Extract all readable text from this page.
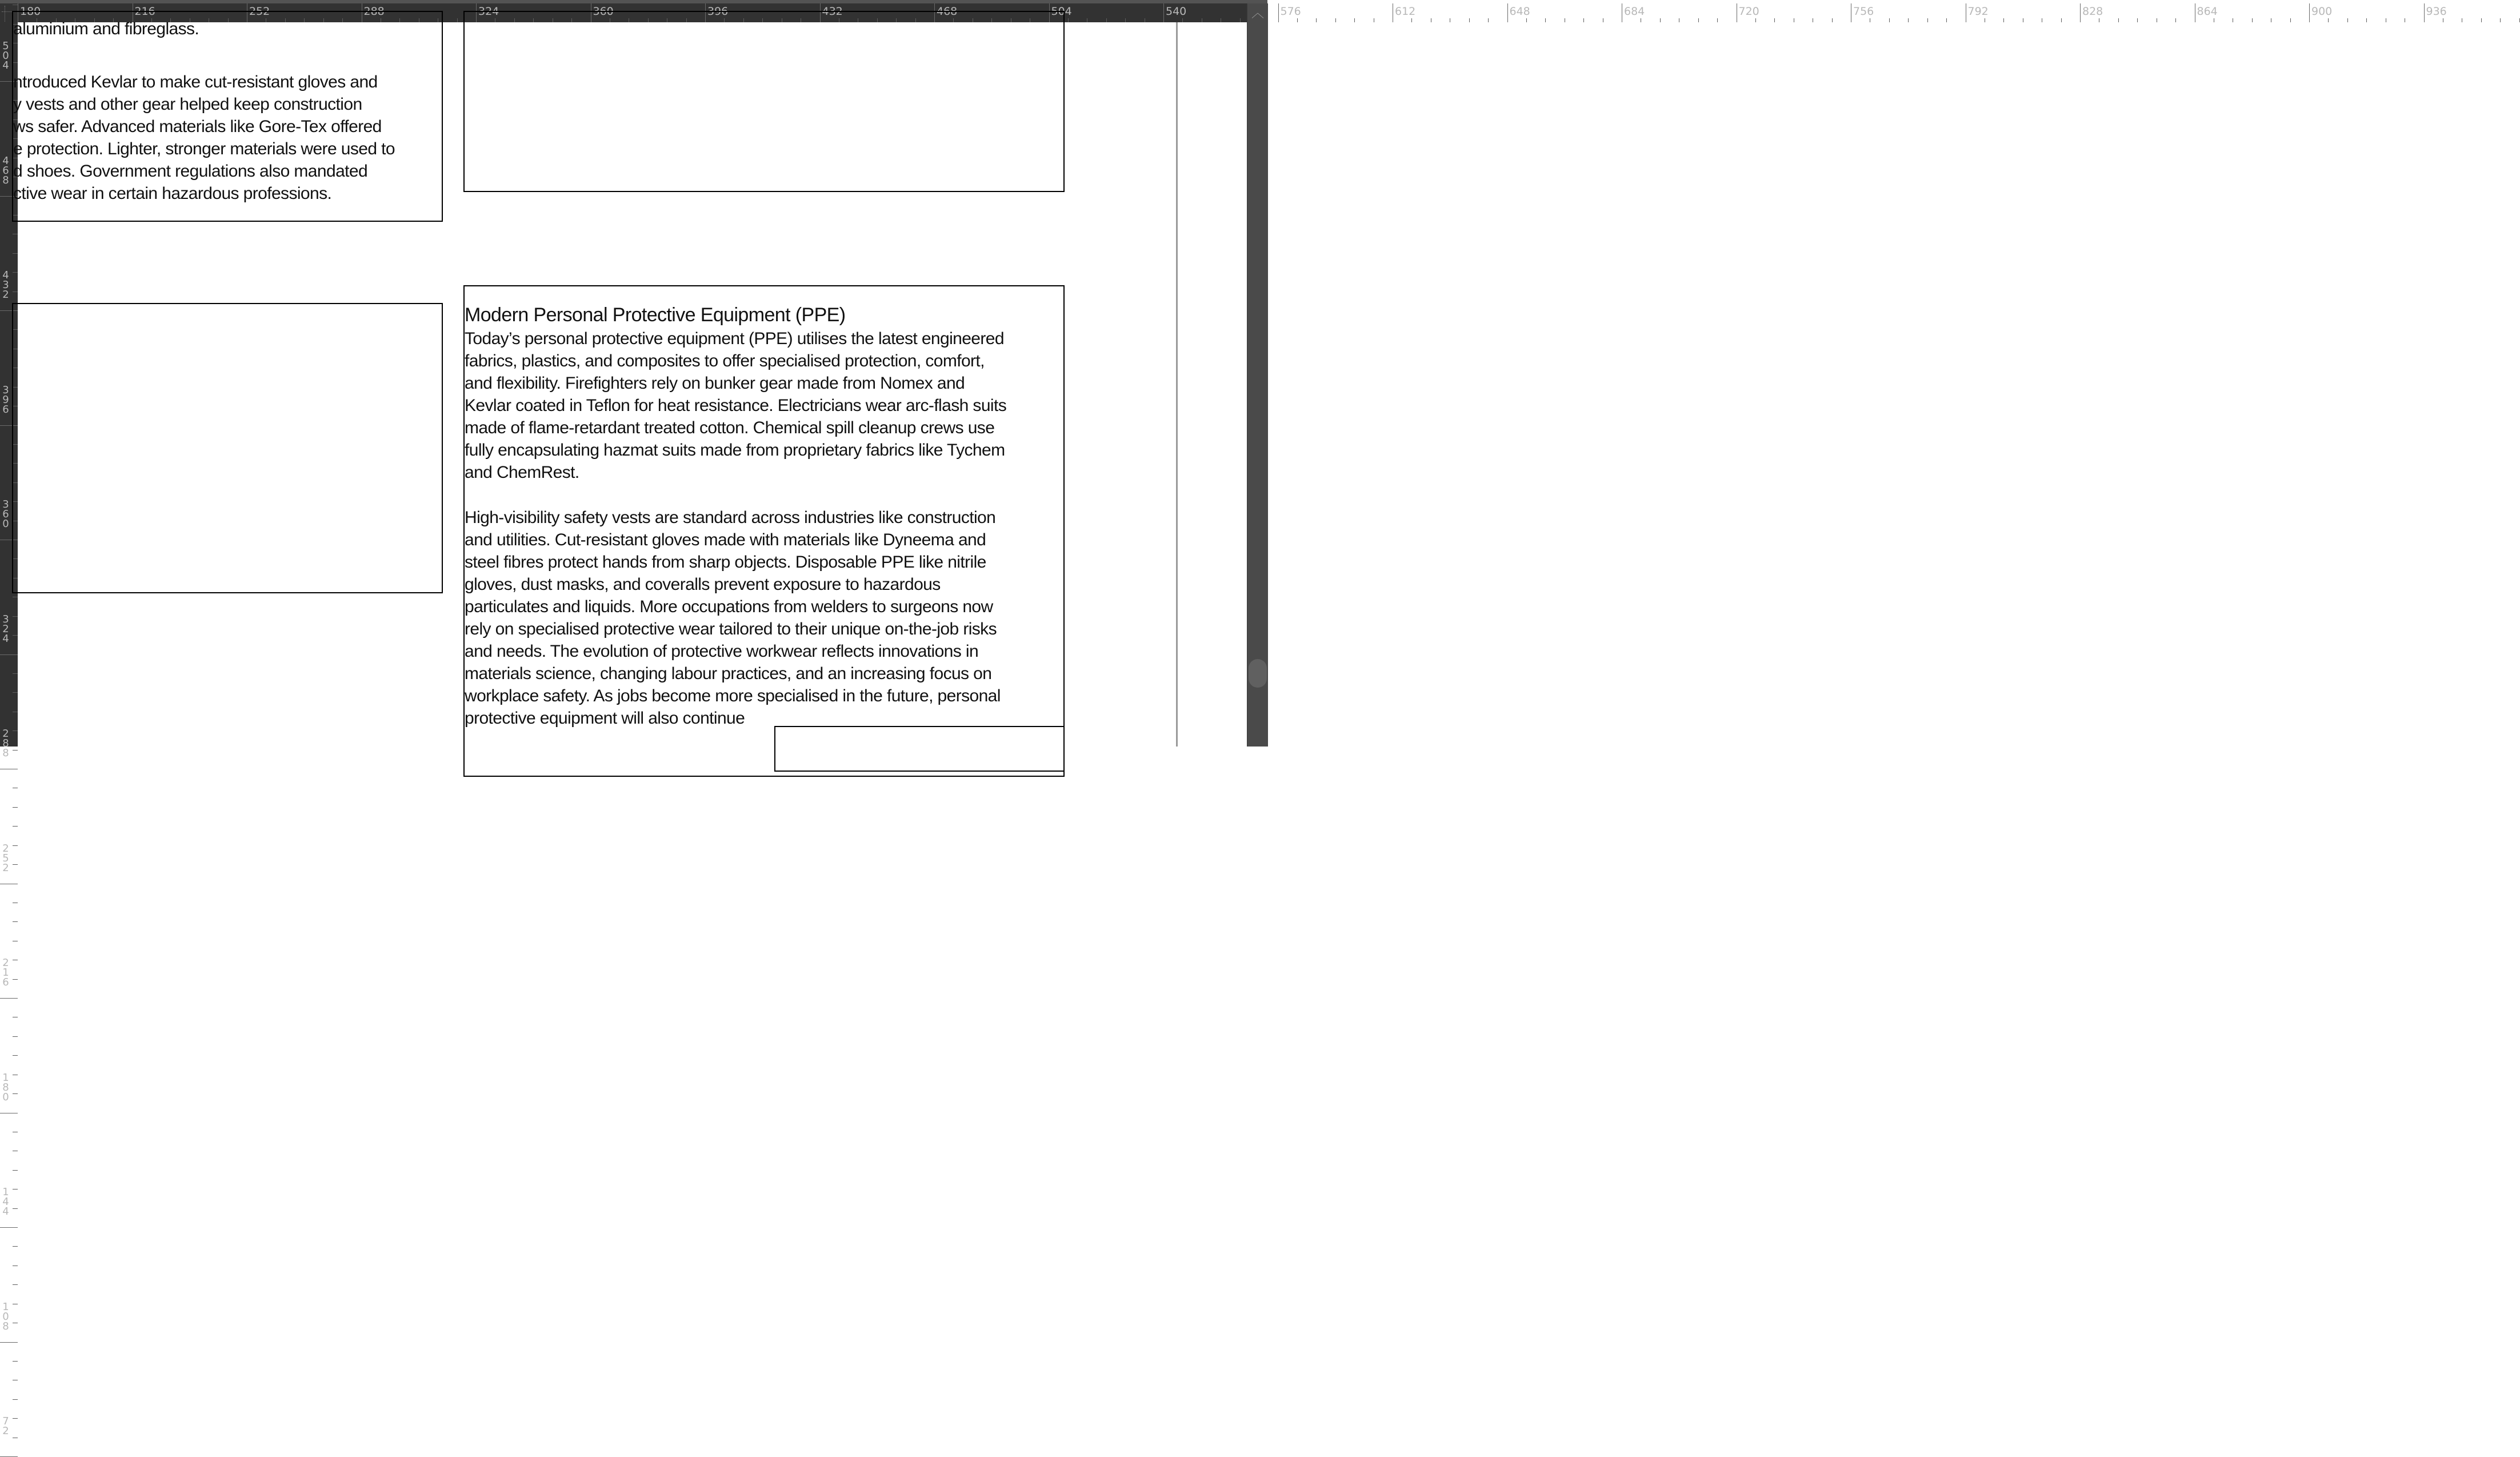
180	216	252	288	324	360	396	432	468	504	540	576	612	648	684	720	756	792	828	864	900	936
5
0
4
4
6
8
4
3
2
3
9
6
3
6
0
3
2
4
2
8
8
2
5
2
2
1
6
1
8
0
1
4
4
1
0
8
7
2
aluminium and fibreglass.
ntroduced Kevlar to make cut-resistant gloves and
y vests and other gear helped keep construction
ws safer. Advanced materials like Gore-Tex offered
e protection. Lighter, stronger materials were used to
d shoes. Government regulations also mandated
ctive wear in certain hazardous professions.
Modern Personal Protective Equipment (PPE)
Today’s personal protective equipment (PPE) utilises the latest engineered
fabrics, plastics, and composites to offer specialised protection, comfort,
and flexibility. Firefighters rely on bunker gear made from Nomex and
Kevlar coated in Teflon for heat resistance. Electricians wear arc-flash suits
made of flame-retardant treated cotton. Chemical spill cleanup crews use
fully encapsulating hazmat suits made from proprietary fabrics like Tychem
and ChemRest.
High-visibility safety vests are standard across industries like construction
and utilities. Cut-resistant gloves made with materials like Dyneema and
steel fibres protect hands from sharp objects. Disposable PPE like nitrile
gloves, dust masks, and coveralls prevent exposure to hazardous
particulates and liquids. More occupations from welders to surgeons now
rely on specialised protective wear tailored to their unique on-the-job risks
and needs. The evolution of protective workwear reflects innovations in
materials science, changing labour practices, and an increasing focus on
workplace safety. As jobs become more specialised in the future, personal
protective equipment will also continue
︿
